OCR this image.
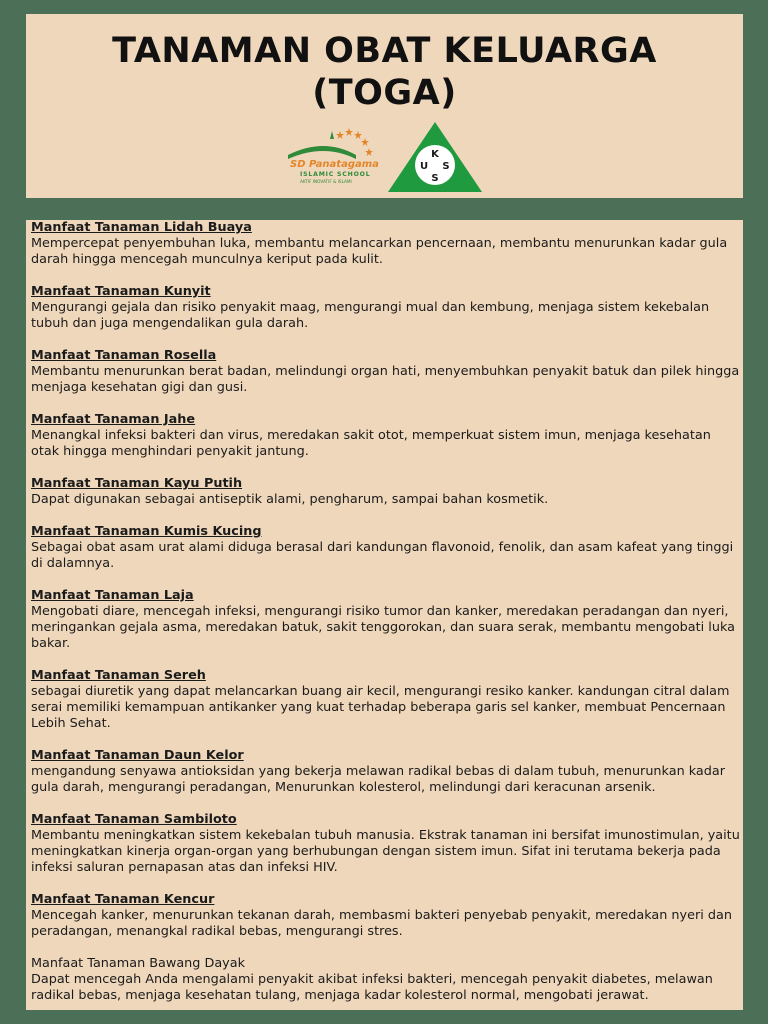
TANAMAN OBAT KELUARGA
(TOGA)
SD Panatagama
ISLAMIC SCHOOL
AKTIF INOVATIF & ISLAMI
K
U S
S
Manfaat Tanaman Lidah Buaya

Mempercepat penyembuhan luka, membantu melancarkan pencernaan, membantu menurunkan kadar gula darah hingga mencegah munculnya keriput pada kulit.

Manfaat Tanaman Kunyit

Mengurangi gejala dan risiko penyakit maag, mengurangi mual dan kembung, menjaga sistem kekebalan tubuh dan juga mengendalikan gula darah.

Manfaat Tanaman Rosella

Membantu menurunkan berat badan, melindungi organ hati, menyembuhkan penyakit batuk dan pilek hingga menjaga kesehatan gigi dan gusi.

Manfaat Tanaman Jahe

Menangkal infeksi bakteri dan virus, meredakan sakit otot, memperkuat sistem imun, menjaga kesehatan otak hingga menghindari penyakit jantung.

Manfaat Tanaman Kayu Putih

Dapat digunakan sebagai antiseptik alami, pengharum, sampai bahan kosmetik.

Manfaat Tanaman Kumis Kucing

Sebagai obat asam urat alami diduga berasal dari kandungan flavonoid, fenolik, dan asam kafeat yang tinggi di dalamnya.

Manfaat Tanaman Laja

Mengobati diare, mencegah infeksi, mengurangi risiko tumor dan kanker, meredakan peradangan dan nyeri, meringankan gejala asma, meredakan batuk, sakit tenggorokan, dan suara serak, membantu mengobati luka bakar.

Manfaat Tanaman Sereh

sebagai diuretik yang dapat melancarkan buang air kecil, mengurangi resiko kanker. kandungan citral dalam serai memiliki kemampuan antikanker yang kuat terhadap beberapa garis sel kanker, membuat Pencernaan Lebih Sehat.

Manfaat Tanaman Daun Kelor

mengandung senyawa antioksidan yang bekerja melawan radikal bebas di dalam tubuh, menurunkan kadar gula darah, mengurangi peradangan, Menurunkan kolesterol, melindungi dari keracunan arsenik.

Manfaat Tanaman Sambiloto

Membantu meningkatkan sistem kekebalan tubuh manusia. Ekstrak tanaman ini bersifat imunostimulan, yaitu meningkatkan kinerja organ-organ yang berhubungan dengan sistem imun. Sifat ini terutama bekerja pada infeksi saluran pernapasan atas dan infeksi HIV.

Manfaat Tanaman Kencur

Mencegah kanker, menurunkan tekanan darah, membasmi bakteri penyebab penyakit, meredakan nyeri dan peradangan, menangkal radikal bebas, mengurangi stres.

Manfaat Tanaman Bawang Dayak

Dapat mencegah Anda mengalami penyakit akibat infeksi bakteri, mencegah penyakit diabetes, melawan radikal bebas, menjaga kesehatan tulang, menjaga kadar kolesterol normal, mengobati jerawat.
